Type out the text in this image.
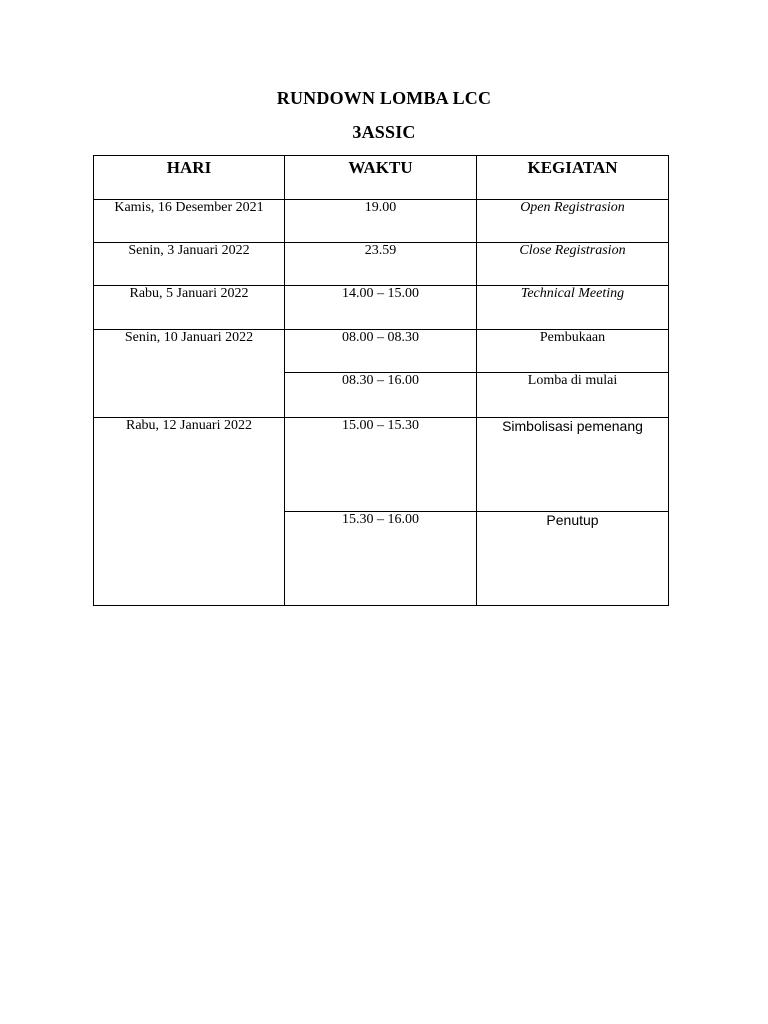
RUNDOWN LOMBA LCC
3ASSIC
HARI	WAKTU	KEGIATAN
Kamis, 16 Desember 2021	19.00	Open Registrasion
Senin, 3 Januari 2022	23.59	Close Registrasion
Rabu, 5 Januari 2022	14.00 – 15.00	Technical Meeting
Senin, 10 Januari 2022	08.00 – 08.30	Pembukaan
	08.30 – 16.00	Lomba di mulai
Rabu, 12 Januari 2022	15.00 – 15.30	Simbolisasi pemenang
	15.30 – 16.00	Penutup
